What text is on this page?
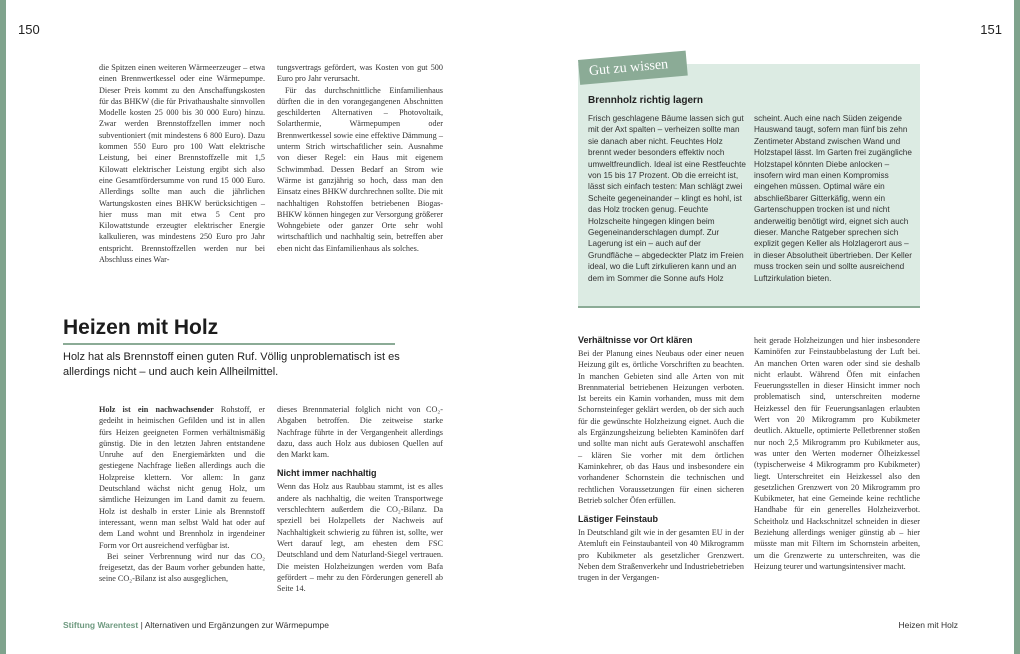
150	151

die Spitzen einen weiteren Wärmeerzeuger – etwa einen Brennwertkessel oder eine Wärmepumpe. Dieser Preis kommt zu den Anschaffungskosten für das BHKW (die für Privathaushalte sinnvollen Modelle kosten 25 000 bis 30 000 Euro) hinzu. Zwar werden Brennstoffzellen immer noch subventioniert (mit mindestens 6 800 Euro). Dazu kommen 550 Euro pro 100 Watt elektrische Leistung, bei einer Brennstoffzelle mit 1,5 Kilowatt elektrischer Leistung ergibt sich also eine Gesamtfördersumme von rund 15 000 Euro. Allerdings sollte man auch die jährlichen Wartungskosten eines BHKW berücksichtigen – hier muss man mit etwa 5 Cent pro Kilowattstunde erzeugter elektrischer Energie kalkulieren, was mindestens 250 Euro pro Jahr entspricht. Brennstoffzellen werden nur bei Abschluss eines War-

tungsvertrags gefördert, was Kosten von gut 500 Euro pro Jahr verursacht.

Für das durchschnittliche Einfamilienhaus dürften die in den vorangegangenen Abschnitten geschilderten Alternativen – Photovoltaik, Solarthermie, Wärmepumpen oder Brennwertkessel sowie eine effektive Dämmung – unterm Strich wirtschaftlicher sein. Ausnahme von dieser Regel: ein Haus mit eigenem Schwimmbad. Dessen Bedarf an Strom wie Wärme ist ganzjährig so hoch, dass man den Einsatz eines BHKW durchrechnen sollte. Die mit nachhaltigen Rohstoffen betriebenen Biogas-BHKW können hingegen zur Versorgung größerer Wohngebiete oder ganzer Orte sehr wohl wirtschaftlich und nachhaltig sein, betreffen aber eben nicht das Einfamilienhaus als solches.

Heizen mit Holz
Holz hat als Brennstoff einen guten Ruf. Völlig unproblematisch ist es allerdings nicht – und auch kein Allheilmittel.

Holz ist ein nachwachsender Rohstoff, er gedeiht in heimischen Gefilden und ist in allen fürs Heizen geeigneten Formen verhältnismäßig günstig. Die in den letzten Jahren entstandene Unruhe auf den Energiemärkten und die gestiegene Nachfrage ließen allerdings auch die Holzpreise klettern. Vor allem: In ganz Deutschland wächst nicht genug Holz, um sämtliche Heizungen im Land damit zu feuern. Holz ist deshalb in erster Linie als Brennstoff interessant, wenn man selbst Wald hat oder auf dem Land wohnt und Brennholz in irgendeiner Form vor Ort ausreichend verfügbar ist.

Bei seiner Verbrennung wird nur das CO₂ freigesetzt, das der Baum vorher gebunden hatte, seine CO₂-Bilanz ist also ausgeglichen,

dieses Brennmaterial folglich nicht von CO₂-Abgaben betroffen. Die zeitweise starke Nachfrage führte in der Vergangenheit allerdings dazu, dass auch Holz aus dubiosen Quellen auf den Markt kam.

Nicht immer nachhaltig

Wenn das Holz aus Raubbau stammt, ist es alles andere als nachhaltig, die weiten Transportwege verschlechtern außerdem die CO₂-Bilanz. Da speziell bei Holzpellets der Nachweis auf Nachhaltigkeit schwierig zu führen ist, sollte, wer Wert darauf legt, am ehesten dem FSC Deutschland und dem Naturland-Siegel vertrauen. Die meisten Holzheizungen werden vom Bafa gefördert – mehr zu den Förderungen generell ab Seite 14.

Gut zu wissen
Brennholz richtig lagern
Frisch geschlagene Bäume lassen sich gut mit der Axt spalten – verheizen sollte man sie danach aber nicht. Feuchtes Holz brennt weder besonders effektiv noch umweltfreundlich. Ideal ist eine Restfeuchte von 15 bis 17 Prozent. Ob die erreicht ist, lässt sich einfach testen: Man schlägt zwei Scheite gegeneinander – klingt es hohl, ist das Holz trocken genug. Feuchte Holzscheite hingegen klingen beim Gegeneinanderschlagen dumpf. Zur Lagerung ist ein – auch auf der Grundfläche – abgedeckter Platz im Freien ideal, wo die Luft zirkulieren kann und an dem im Sommer die Sonne aufs Holz
scheint. Auch eine nach Süden zeigende Hauswand taugt, sofern man fünf bis zehn Zentimeter Abstand zwischen Wand und Holzstapel lässt. Im Garten frei zugängliche Holzstapel könnten Diebe anlocken – insofern wird man einen Kompromiss eingehen müssen. Optimal wäre ein abschließbarer Gitterkäfig, wenn ein Gartenschuppen trocken ist und nicht anderweitig benötigt wird, eignet sich auch dieser. Manche Ratgeber sprechen sich explizit gegen Keller als Holzlagerort aus – in dieser Absolutheit übertrieben. Der Keller muss trocken sein und sollte ausreichend Luftzirkulation bieten.
Verhältnisse vor Ort klären

Bei der Planung eines Neubaus oder einer neuen Heizung gilt es, örtliche Vorschriften zu beachten. In manchen Gebieten sind alle Arten von mit Brennmaterial betriebenen Heizungen verboten. Ist bereits ein Kamin vorhanden, muss mit dem Schornsteinfeger geklärt werden, ob der sich auch für die gewünschte Holzheizung eignet. Auch die als Ergänzungsheizung beliebten Kaminöfen darf und sollte man nicht aufs Geratewohl anschaffen – klären Sie vorher mit dem örtlichen Kaminkehrer, ob das Haus und insbesondere ein vorhandener Schornstein die technischen und rechtlichen Voraussetzungen für einen sicheren Betrieb solcher Öfen erfüllen.

Lästiger Feinstaub

In Deutschland gilt wie in der gesamten EU in der Atemluft ein Feinstaubanteil von 40 Mikrogramm pro Kubikmeter als gesetzlicher Grenzwert. Neben dem Straßenverkehr und Industriebetrieben trugen in der Vergangen-

heit gerade Holzheizungen und hier insbesondere Kaminöfen zur Feinstaubbelastung der Luft bei. An manchen Orten waren oder sind sie deshalb nicht erlaubt. Während Öfen mit einfachen Feuerungsstellen in dieser Hinsicht immer noch problematisch sind, unterschreiten moderne Heizkessel den für Feuerungsanlagen erlaubten Wert von 20 Mikrogramm pro Kubikmeter deutlich. Aktuelle, optimierte Pelletbrenner stoßen nur noch 2,5 Mikrogramm pro Kubikmeter aus, was unter den Werten moderner Ölheizkessel (typischerweise 4 Mikrogramm pro Kubikmeter) liegt. Unterschreitet ein Heizkessel also den gesetzlichen Grenzwert von 20 Mikrogramm pro Kubikmeter, hat eine Gemeinde keine rechtliche Handhabe für ein generelles Holzheizverbot. Scheitholz und Hackschnitzel schneiden in dieser Beziehung allerdings weniger günstig ab – hier müsste man mit Filtern im Schornstein arbeiten, um die Grenzwerte zu unterschreiten, was die Heizung teurer und wartungsintensiver macht.

Stiftung Warentest | Alternativen und Ergänzungen zur Wärmepumpe	Heizen mit Holz
